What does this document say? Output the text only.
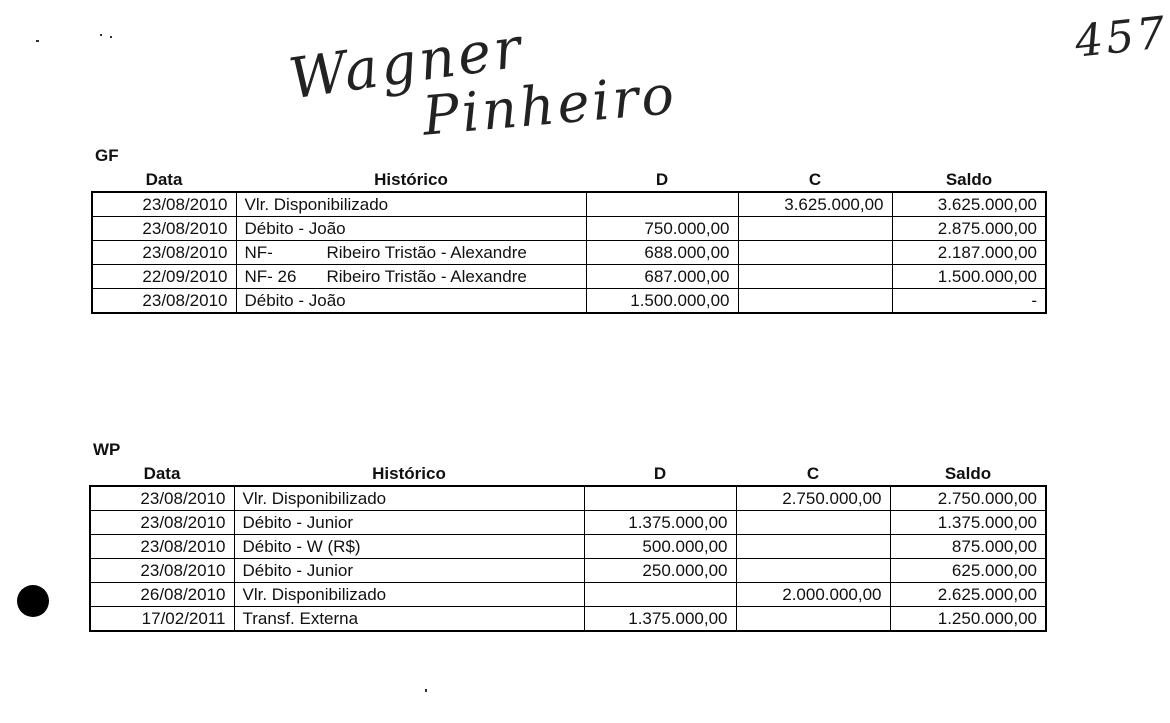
Wagner
Pinheiro
457
GF
Data	Histórico	D	C	Saldo
23/08/2010	Vlr. Disponibilizado		3.625.000,00	3.625.000,00
23/08/2010	Débito - João	750.000,00		2.875.000,00
23/08/2010	NF- Ribeiro Tristão - Alexandre	688.000,00		2.187.000,00
22/09/2010	NF- 26 Ribeiro Tristão - Alexandre	687.000,00		1.500.000,00
23/08/2010	Débito - João	1.500.000,00		-
WP
Data	Histórico	D	C	Saldo
23/08/2010	Vlr. Disponibilizado		2.750.000,00	2.750.000,00
23/08/2010	Débito - Junior	1.375.000,00		1.375.000,00
23/08/2010	Débito - W (R$)	500.000,00		875.000,00
23/08/2010	Débito - Junior	250.000,00		625.000,00
26/08/2010	Vlr. Disponibilizado		2.000.000,00	2.625.000,00
17/02/2011	Transf. Externa	1.375.000,00		1.250.000,00
